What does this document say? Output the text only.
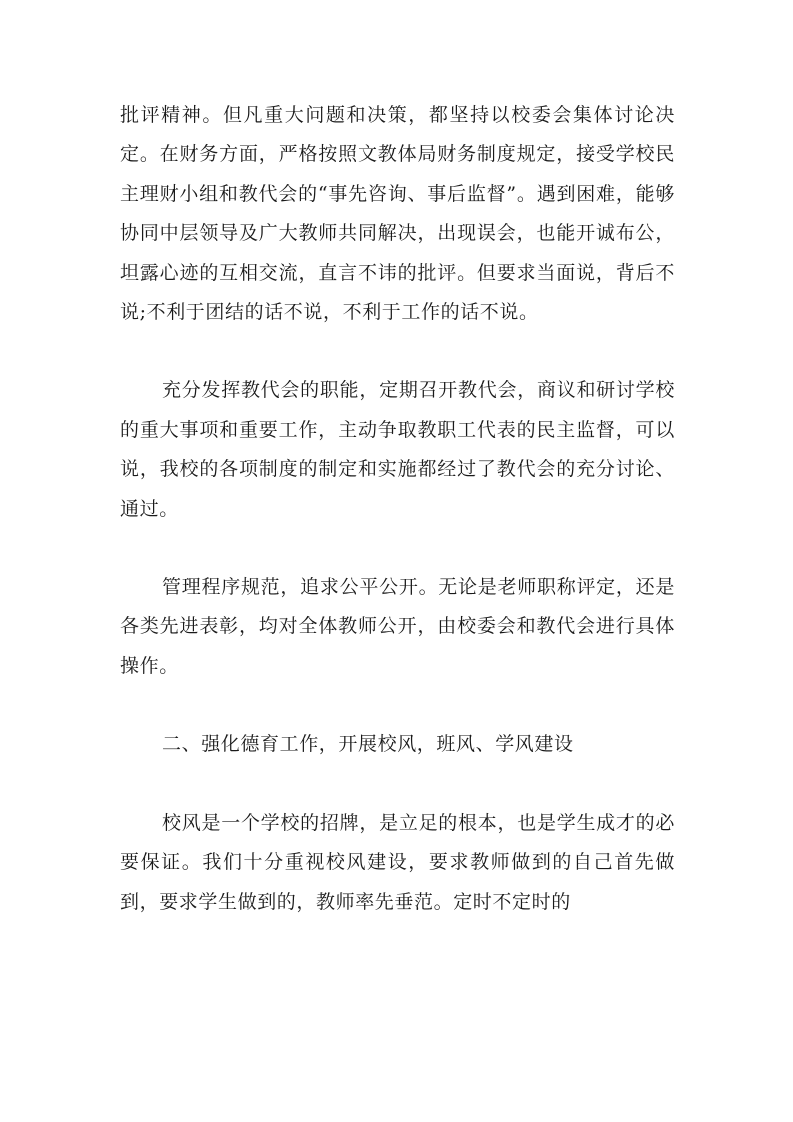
批评精神。但凡重大问题和决策，都坚持以校委会集体讨论决定。在财务方面，严格按照文教体局财务制度规定，接受学校民主理财小组和教代会的“事先咨询、事后监督”。遇到困难，能够协同中层领导及广大教师共同解决，出现误会，也能开诚布公，坦露心迹的互相交流，直言不讳的批评。但要求当面说，背后不说;不利于团结的话不说，不利于工作的话不说。

充分发挥教代会的职能，定期召开教代会，商议和研讨学校的重大事项和重要工作，主动争取教职工代表的民主监督，可以说，我校的各项制度的制定和实施都经过了教代会的充分讨论、通过。

管理程序规范，追求公平公开。无论是老师职称评定，还是各类先进表彰，均对全体教师公开，由校委会和教代会进行具体操作。

二、强化德育工作，开展校风，班风、学风建设

校风是一个学校的招牌，是立足的根本，也是学生成才的必要保证。我们十分重视校风建设，要求教师做到的自己首先做到，要求学生做到的，教师率先垂范。定时不定时的
